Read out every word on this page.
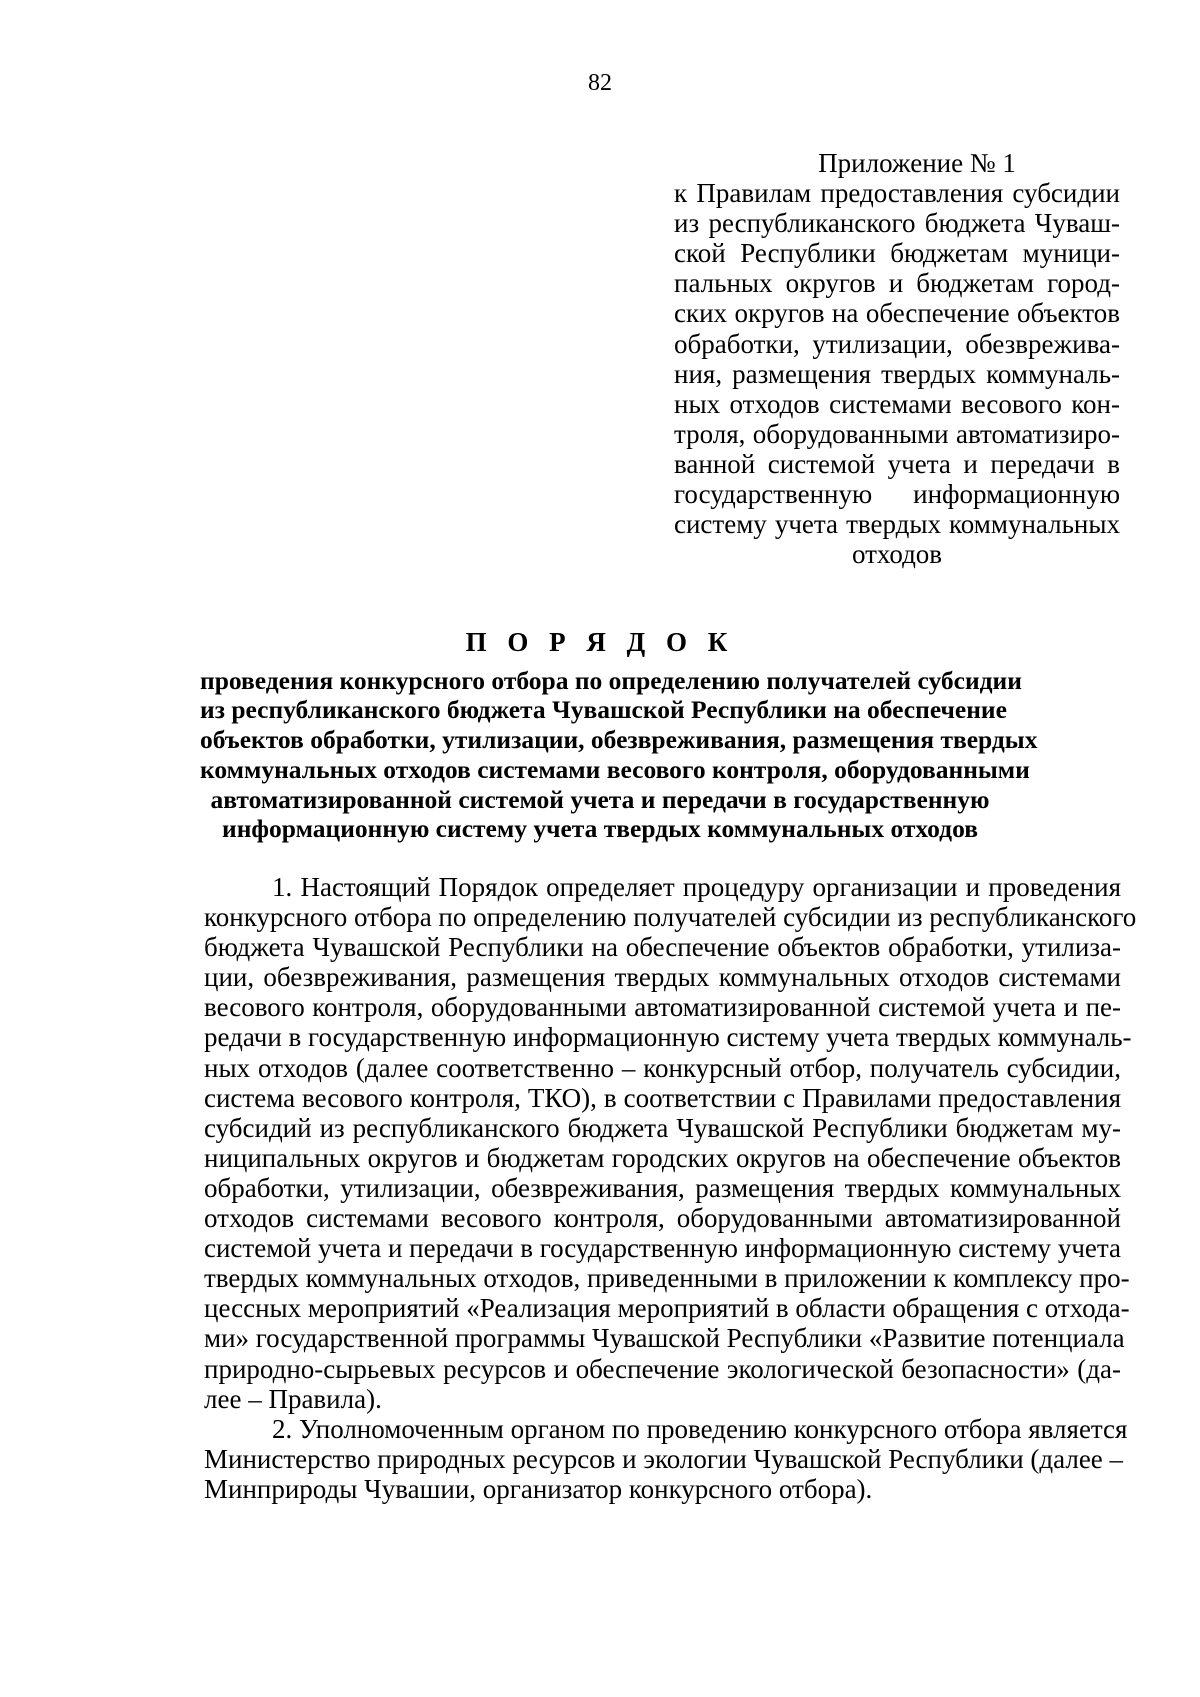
82
Приложение № 1
к Правилам предоставления субсидии
из республиканского бюджета Чуваш-
ской Республики бюджетам муници-
пальных округов и бюджетам город-
ских округов на обеспечение объектов
обработки, утилизации, обезврежива-
ния, размещения твердых коммуналь-
ных отходов системами весового кон-
троля, оборудованными автоматизиро-
ванной системой учета и передачи в
государственную информационную
систему учета твердых коммунальных
отходов
П О Р Я Д О К
проведения конкурсного отбора по определению получателей субсидии
из республиканского бюджета Чувашской Республики на обеспечение
объектов обработки, утилизации, обезвреживания, размещения твердых
коммунальных отходов системами весового контроля, оборудованными
автоматизированной системой учета и передачи в государственную
информационную систему учета твердых коммунальных отходов
1. Настоящий Порядок определяет процедуру организации и проведения
конкурсного отбора по определению получателей субсидии из республиканского
бюджета Чувашской Республики на обеспечение объектов обработки, утилиза-
ции, обезвреживания, размещения твердых коммунальных отходов системами
весового контроля, оборудованными автоматизированной системой учета и пе-
редачи в государственную информационную систему учета твердых коммуналь-
ных отходов (далее соответственно – конкурсный отбор, получатель субсидии,
система весового контроля, ТКО), в соответствии с Правилами предоставления
субсидий из республиканского бюджета Чувашской Республики бюджетам му-
ниципальных округов и бюджетам городских округов на обеспечение объектов
обработки, утилизации, обезвреживания, размещения твердых коммунальных
отходов системами весового контроля, оборудованными автоматизированной
системой учета и передачи в государственную информационную систему учета
твердых коммунальных отходов, приведенными в приложении к комплексу про-
цессных мероприятий «Реализация мероприятий в области обращения с отхода-
ми» государственной программы Чувашской Республики «Развитие потенциала
природно-сырьевых ресурсов и обеспечение экологической безопасности» (да-
лее – Правила).
2. Уполномоченным органом по проведению конкурсного отбора является
Министерство природных ресурсов и экологии Чувашской Республики (далее –
Минприроды Чувашии, организатор конкурсного отбора).
